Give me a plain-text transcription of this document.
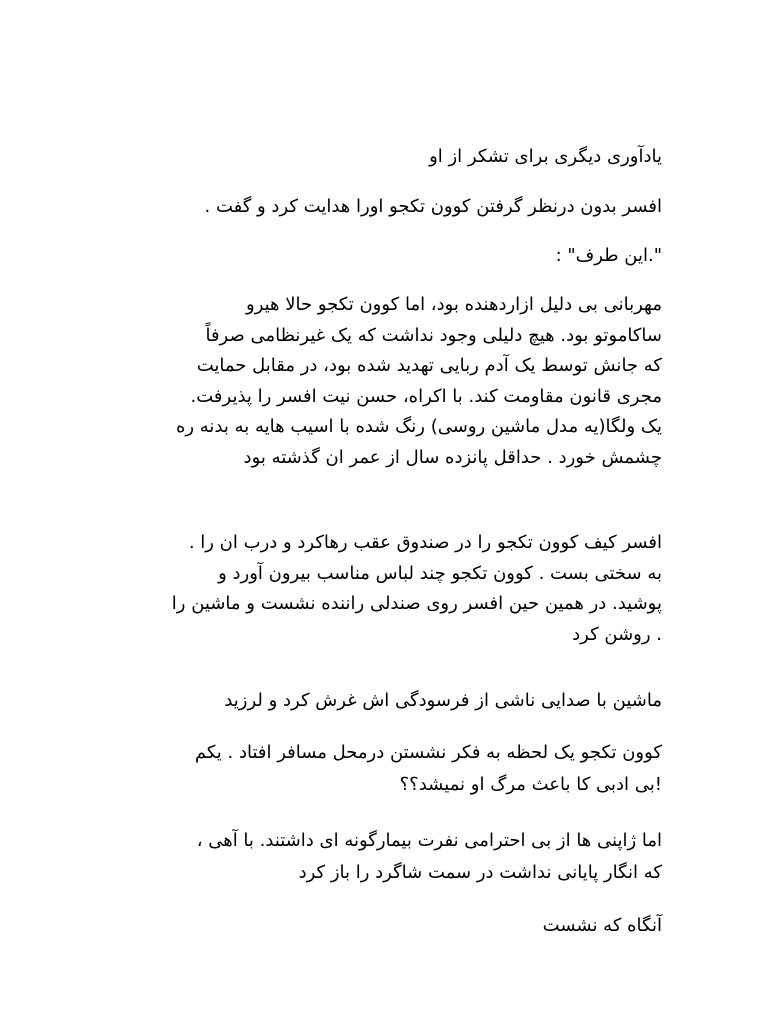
یادآوری دیگری برای تشکر از او

افسر بدون درنظر گرفتن کوون تکجو اورا هدایت کرد و گفت .

".این طرف" :

مهربانی بی دلیل ازاردهنده بود، اما کوون تکجو حالا هیرو
ساکاموتو بود. هیچ دلیلی وجود نداشت که یک غیرنظامی صرفاً
که جانش توسط یک آدم ربایی تهدید شده بود، در مقابل حمایت
مجری قانون مقاومت کند. با اکراه، حسن نیت افسر را پذیرفت.
یک ولگا(یه مدل ماشین روسی) رنگ شده با اسیب هایه به بدنه ره
چشمش خورد . حداقل پانزده سال از عمر ان گذشته بود

افسر کیف کوون تکجو را در صندوق عقب رهاکرد و درب ان را .
به سختی بست . کوون تکجو چند لباس مناسب بیرون آورد و
پوشید. در همین حین افسر روی صندلی راننده نشست و ماشین را
. روشن کرد

ماشین با صدایی ناشی از فرسودگی اش غرش کرد و لرزید

کوون تکجو یک لحظه به فکر نشستن درمحل مسافر افتاد . یکم
!بی ادبی کا باعث مرگ او نمیشد؟؟

اما ژاپنی ها از بی احترامی نفرت بیمارگونه ای داشتند. با آهی ،
که انگار پایانی نداشت در سمت شاگرد را باز کرد

آنگاه که نشست
